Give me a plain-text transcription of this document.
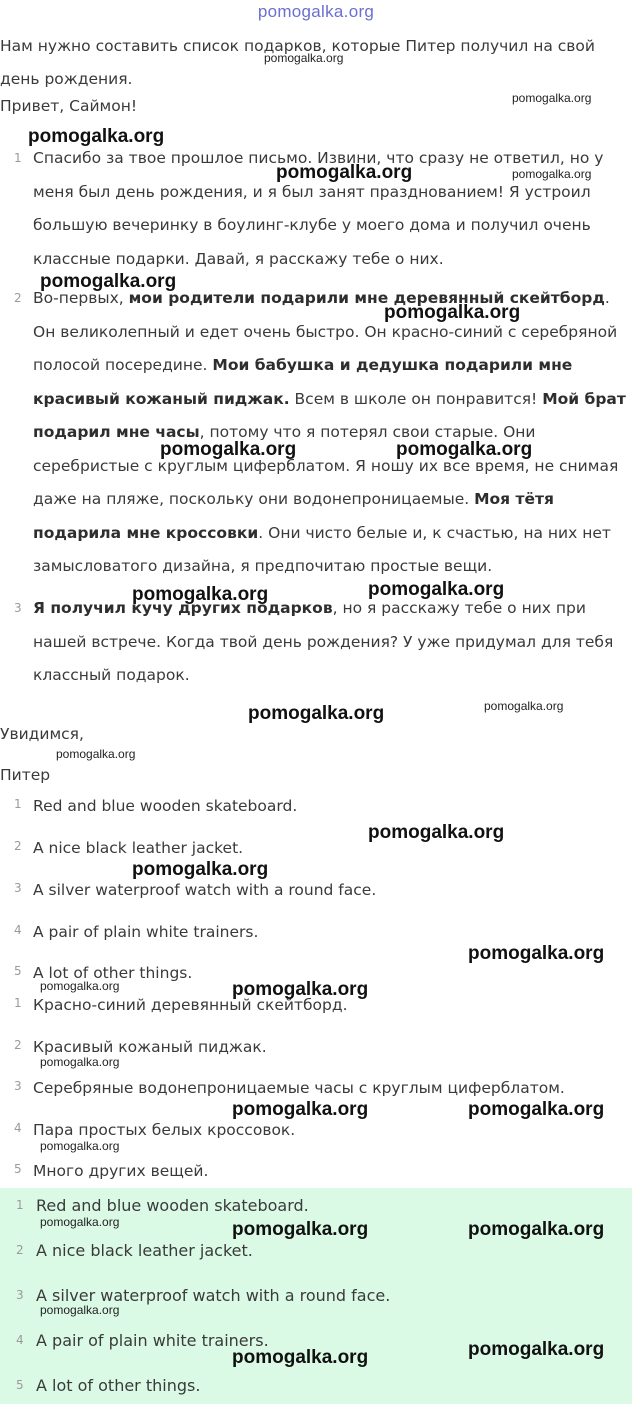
pomogalka.org

Нам нужно составить список подарков, которые Питер получил на свой день рождения.

Привет, Саймон!

1 Спасибо за твое прошлое письмо. Извини, что сразу не ответил, но у меня был день рождения, и я был занят празднованием! Я устроил большую вечеринку в боулинг-клубе у моего дома и получил очень классные подарки. Давай, я расскажу тебе о них.

2 Во-первых, мои родители подарили мне деревянный скейтборд. Он великолепный и едет очень быстро. Он красно-синий с серебряной полосой посередине. Мои бабушка и дедушка подарили мне красивый кожаный пиджак. Всем в школе он понравится! Мой брат подарил мне часы, потому что я потерял свои старые. Они серебристые с круглым циферблатом. Я ношу их все время, не снимая даже на пляже, поскольку они водонепроницаемые. Моя тётя подарила мне кроссовки. Они чисто белые и, к счастью, на них нет замысловатого дизайна, я предпочитаю простые вещи.

3 Я получил кучу других подарков, но я расскажу тебе о них при нашей встрече. Когда твой день рождения? У уже придумал для тебя классный подарок.

Увидимся,

Питер

1 Red and blue wooden skateboard.
2 A nice black leather jacket.
3 A silver waterproof watch with a round face.
4 A pair of plain white trainers.
5 A lot of other things.
1 Красно-синий деревянный скейтборд.
2 Красивый кожаный пиджак.
3 Серебряные водонепроницаемые часы с круглым циферблатом.
4 Пара простых белых кроссовок.
5 Много других вещей.
1 Red and blue wooden skateboard.
2 A nice black leather jacket.
3 A silver waterproof watch with a round face.
4 A pair of plain white trainers.
5 A lot of other things.
pomogalka.org
pomogalka.org
pomogalka.org
pomogalka.org	pomogalka.org
pomogalka.org
pomogalka.org
pomogalka.org	pomogalka.org
pomogalka.org	pomogalka.org
pomogalka.org	pomogalka.org
pomogalka.org
pomogalka.org
pomogalka.org
pomogalka.org
pomogalka.org
pomogalka.org
pomogalka.org
pomogalka.org	pomogalka.org
pomogalka.org
pomogalka.org	pomogalka.org	pomogalka.org
pomogalka.org
pomogalka.org	pomogalka.org
